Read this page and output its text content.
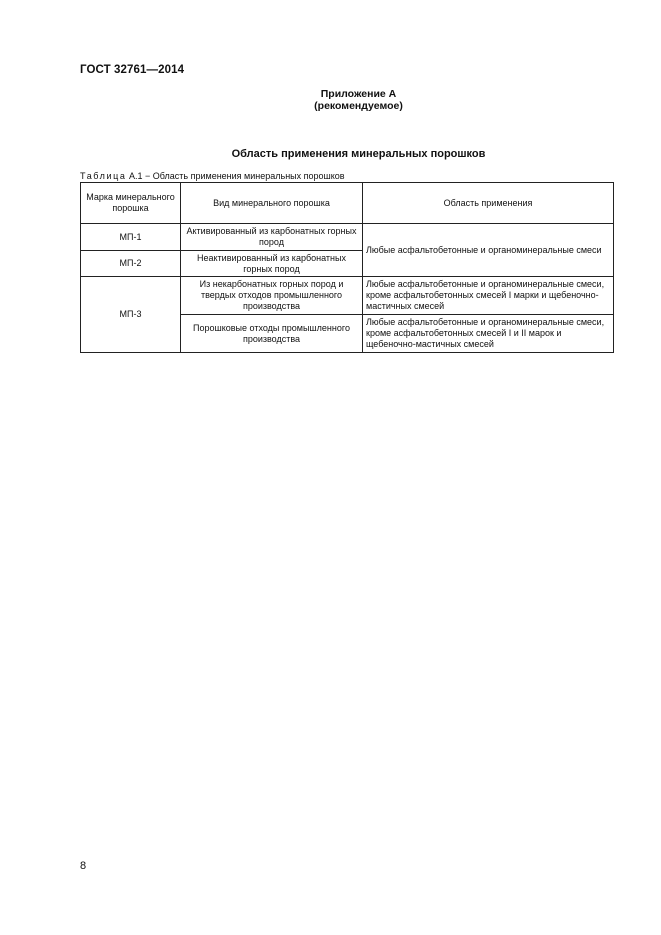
ГОСТ 32761—2014
Приложение А
(рекомендуемое)
Область применения минеральных порошков
Таблица А.1 − Область применения минеральных порошков
Марка минерального порошка	Вид минерального порошка	Область применения
МП-1	Активированный из карбонатных горных пород	Любые асфальтобетонные и органоминеральные смеси
МП-2	Неактивированный из карбонатных горных пород	
МП-3	Из некарбонатных горных пород и твердых отходов промышленного производства	Любые асфальтобетонные и органоминеральные смеси, кроме асфальтобетонных смесей I марки и щебеночно-мастичных смесей
	Порошковые отходы промышленного производства	Любые асфальтобетонные и органоминеральные смеси, кроме асфальтобетонных смесей I и II марок и щебеночно-мастичных смесей
8
